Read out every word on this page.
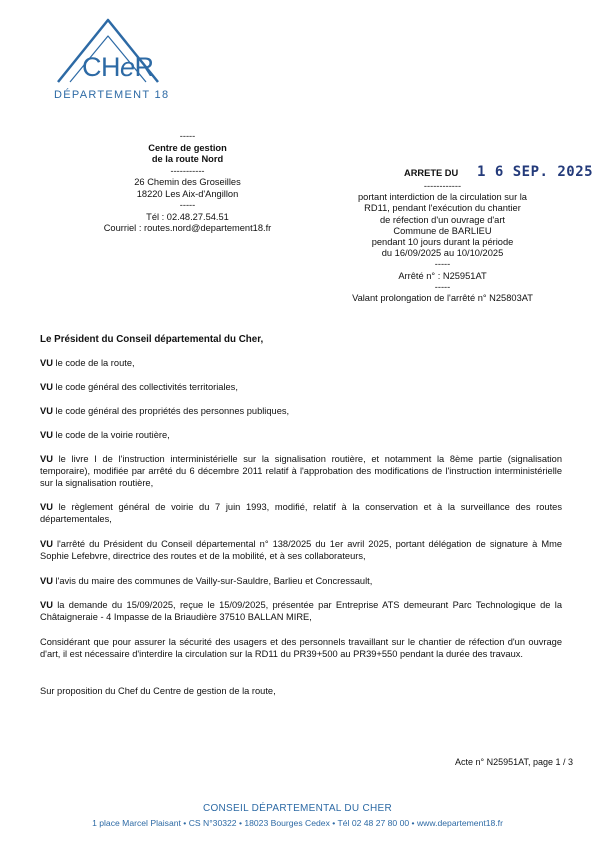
CHeR
DÉPARTEMENT 18
-----
Centre de gestion
de la route Nord
-----------
26 Chemin des Groseilles
18220 Les Aix-d'Angillon
-----
Tél : 02.48.27.54.51
Courriel : routes.nord@departement18.fr
ARRETE DU 1 6 SEP. 2025
------------
portant interdiction de la circulation sur la
RD11, pendant l'exécution du chantier
de réfection d'un ouvrage d'art
Commune de BARLIEU
pendant 10 jours durant la période
du 16/09/2025 au 10/10/2025
-----
Arrêté n° : N25951AT
-----
Valant prolongation de l'arrêté n° N25803AT
Le Président du Conseil départemental du Cher,
VU le code de la route,
VU le code général des collectivités territoriales,
VU le code général des propriétés des personnes publiques,
VU le code de la voirie routière,
VU le livre I de l'instruction interministérielle sur la signalisation routière, et notamment la 8ème partie (signalisation temporaire), modifiée par arrêté du 6 décembre 2011 relatif à l'approbation des modifications de l'instruction interministérielle sur la signalisation routière,
VU le règlement général de voirie du 7 juin 1993, modifié, relatif à la conservation et à la surveillance des routes départementales,
VU l'arrêté du Président du Conseil départemental n° 138/2025 du 1er avril 2025, portant délégation de signature à Mme Sophie Lefebvre, directrice des routes et de la mobilité, et à ses collaborateurs,
VU l'avis du maire des communes de Vailly-sur-Sauldre, Barlieu et Concressault,
VU la demande du 15/09/2025, reçue le 15/09/2025, présentée par Entreprise ATS demeurant Parc Technologique de la Châtaigneraie - 4 Impasse de la Briaudière 37510 BALLAN MIRE,
Considérant que pour assurer la sécurité des usagers et des personnels travaillant sur le chantier de réfection d'un ouvrage d'art, il est nécessaire d'interdire la circulation sur la RD11 du PR39+500 au PR39+550 pendant la durée des travaux.
Sur proposition du Chef du Centre de gestion de la route,
Acte n° N25951AT, page 1 / 3
CONSEIL DÉPARTEMENTAL DU CHER
1 place Marcel Plaisant • CS N°30322 • 18023 Bourges Cedex • Tél 02 48 27 80 00 • www.departement18.fr
